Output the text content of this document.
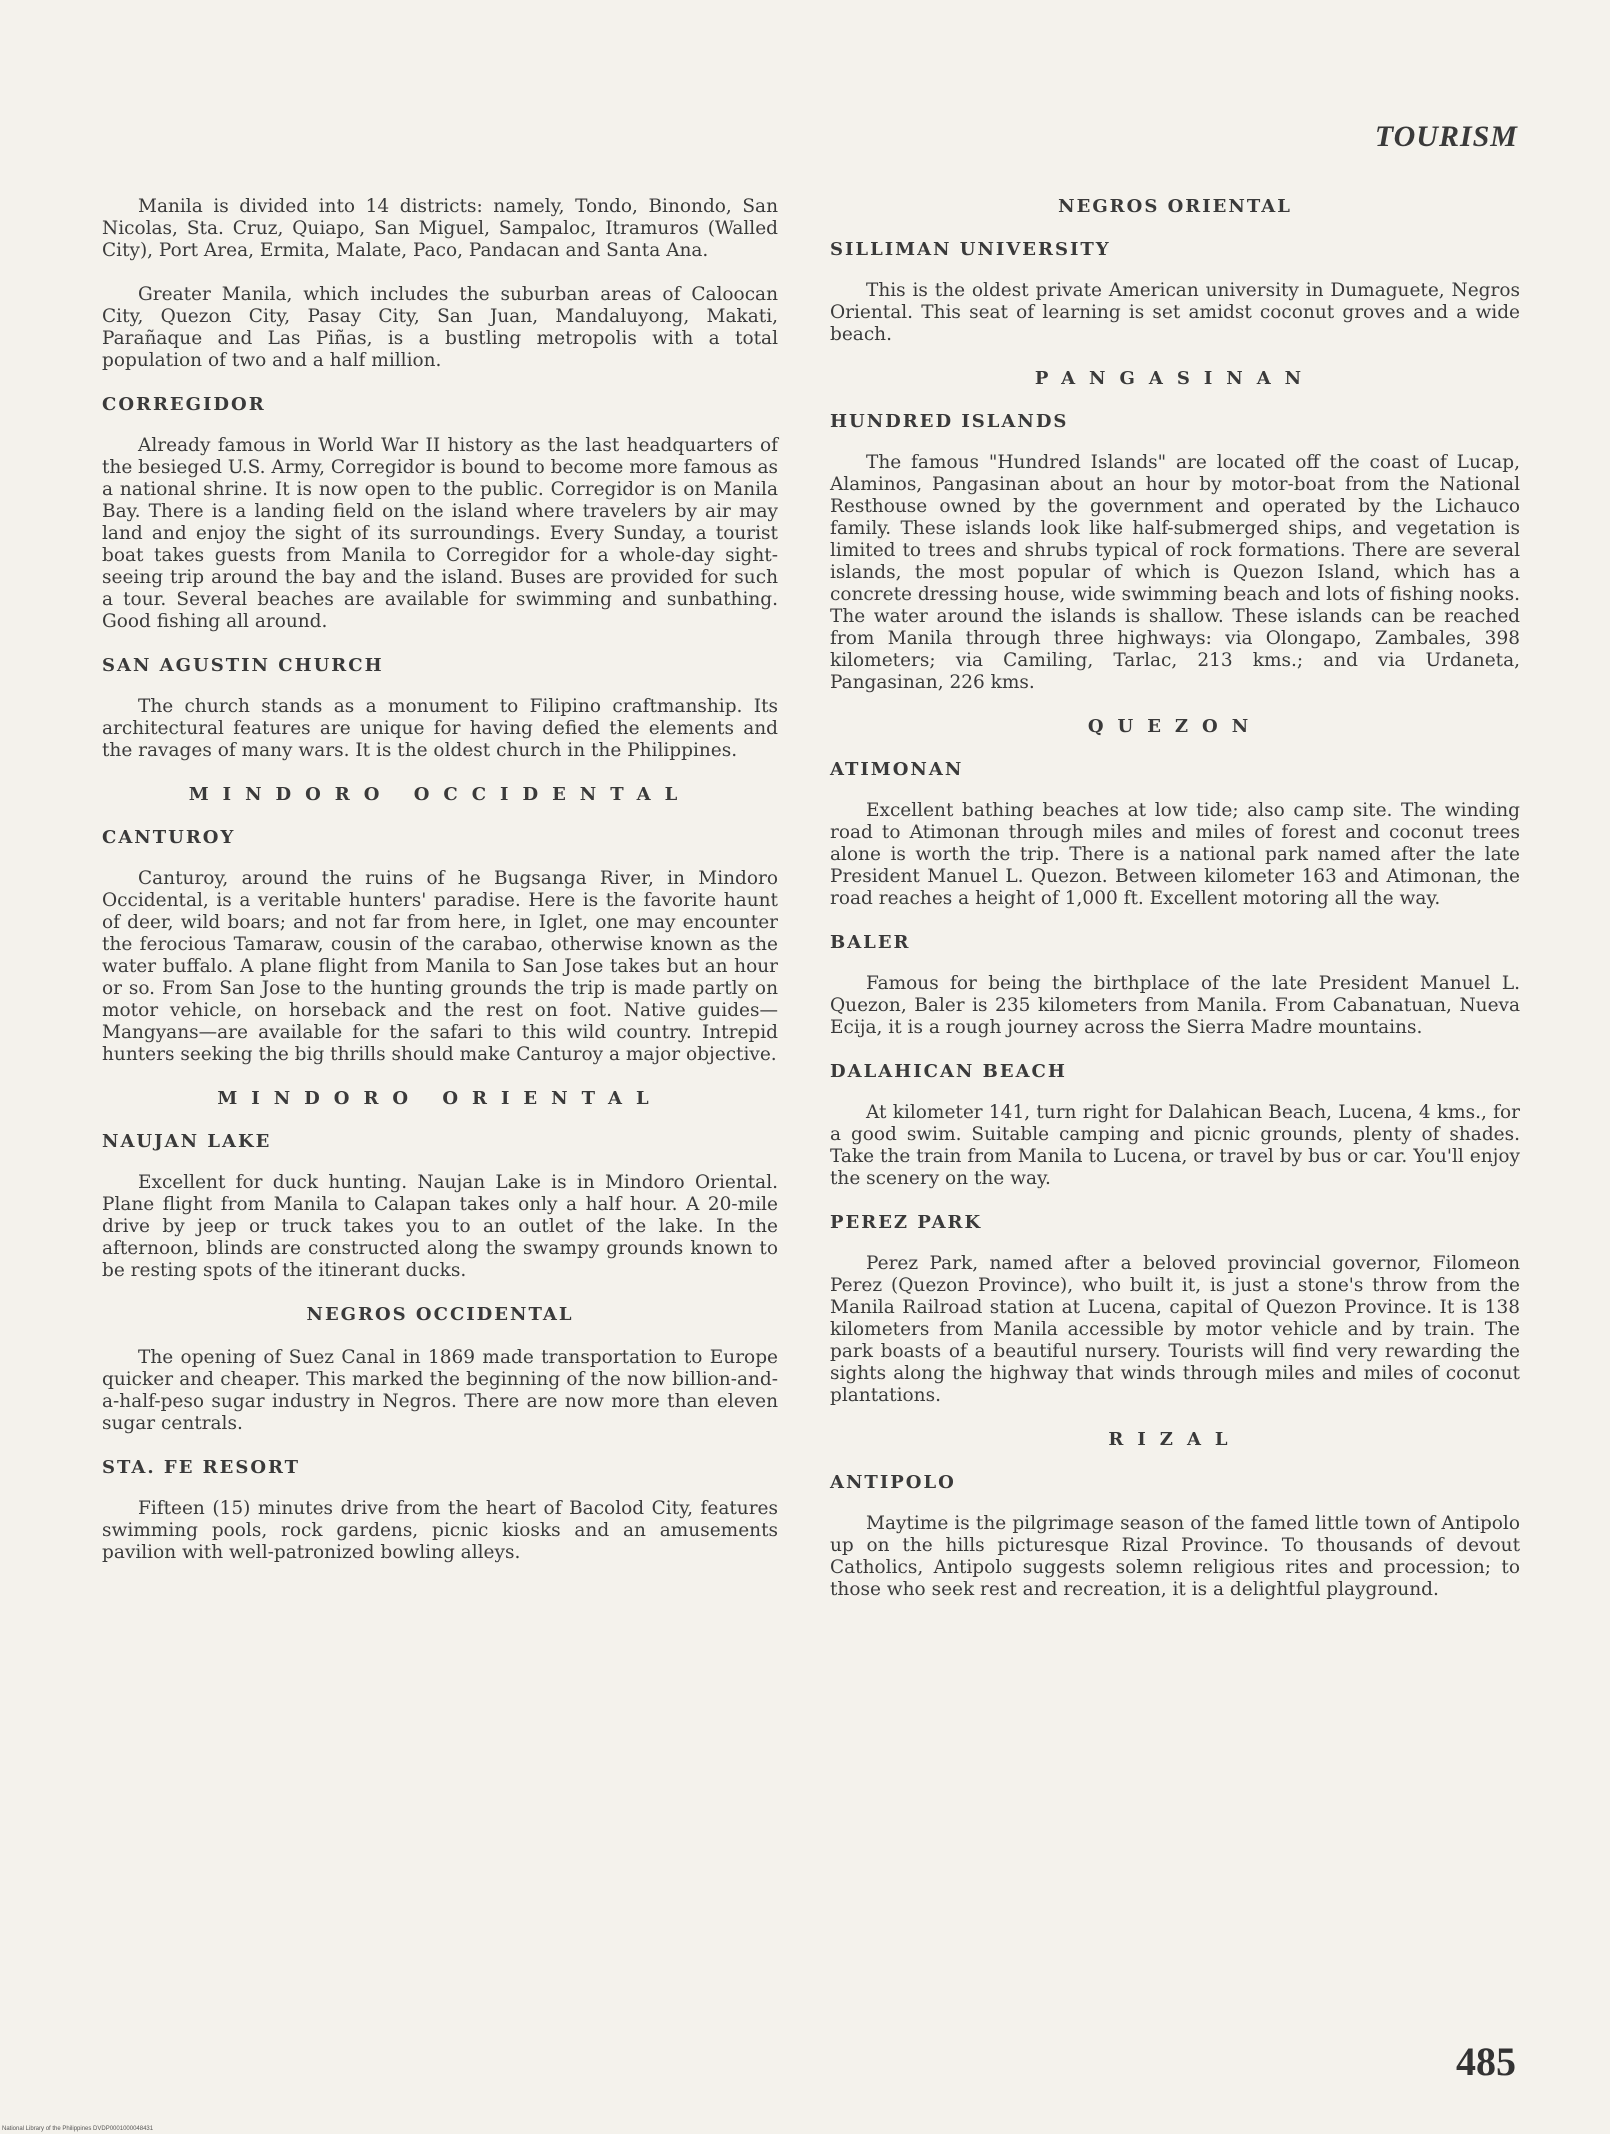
TOURISM

Manila is divided into 14 districts: namely, Tondo, Binondo, San Nicolas, Sta. Cruz, Quiapo, San Miguel, Sampaloc, Itramuros (Walled City), Port Area, Ermita, Malate, Paco, Pandacan and Santa Ana.

Greater Manila, which includes the suburban areas of Caloocan City, Quezon City, Pasay City, San Juan, Mandaluyong, Makati, Parañaque and Las Piñas, is a bustling metropolis with a total population of two and a half million.

CORREGIDOR

Already famous in World War II history as the last headquarters of the besieged U.S. Army, Corregidor is bound to become more famous as a national shrine. It is now open to the public. Corregidor is on Manila Bay. There is a landing field on the island where travelers by air may land and enjoy the sight of its surroundings. Every Sunday, a tourist boat takes guests from Manila to Corregidor for a whole-day sight-seeing trip around the bay and the island. Buses are provided for such a tour. Several beaches are available for swimming and sunbathing. Good fishing all around.

SAN AGUSTIN CHURCH

The church stands as a monument to Filipino craftmanship. Its architectural features are unique for having defied the elements and the ravages of many wars. It is the oldest church in the Philippines.

MINDORO OCCIDENTAL
CANTUROY

Canturoy, around the ruins of he Bugsanga River, in Mindoro Occidental, is a veritable hunters' paradise. Here is the favorite haunt of deer, wild boars; and not far from here, in Iglet, one may encounter the ferocious Tamaraw, cousin of the carabao, otherwise known as the water buffalo. A plane flight from Manila to San Jose takes but an hour or so. From San Jose to the hunting grounds the trip is made partly on motor vehicle, on horseback and the rest on foot. Native guides—Mangyans—are available for the safari to this wild country. Intrepid hunters seeking the big thrills should make Canturoy a major objective.

MINDORO ORIENTAL
NAUJAN LAKE

Excellent for duck hunting. Naujan Lake is in Mindoro Oriental. Plane flight from Manila to Calapan takes only a half hour. A 20-mile drive by jeep or truck takes you to an outlet of the lake. In the afternoon, blinds are constructed along the swampy grounds known to be resting spots of the itinerant ducks.

NEGROS OCCIDENTAL

The opening of Suez Canal in 1869 made transportation to Europe quicker and cheaper. This marked the beginning of the now billion-and-a-half-peso sugar industry in Negros. There are now more than eleven sugar centrals.

STA. FE RESORT

Fifteen (15) minutes drive from the heart of Bacolod City, features swimming pools, rock gardens, picnic kiosks and an amusements pavilion with well-patronized bowling alleys.

NEGROS ORIENTAL
SILLIMAN UNIVERSITY

This is the oldest private American university in Dumaguete, Negros Oriental. This seat of learning is set amidst coconut groves and a wide beach.

PANGASINAN
HUNDRED ISLANDS

The famous "Hundred Islands" are located off the coast of Lucap, Alaminos, Pangasinan about an hour by motor-boat from the National Resthouse owned by the government and operated by the Lichauco family. These islands look like half-submerged ships, and vegetation is limited to trees and shrubs typical of rock formations. There are several islands, the most popular of which is Quezon Island, which has a concrete dressing house, wide swimming beach and lots of fishing nooks. The water around the islands is shallow. These islands can be reached from Manila through three highways: via Olongapo, Zambales, 398 kilometers; via Camiling, Tarlac, 213 kms.; and via Urdaneta, Pangasinan, 226 kms.

QUEZON
ATIMONAN

Excellent bathing beaches at low tide; also camp site. The winding road to Atimonan through miles and miles of forest and coconut trees alone is worth the trip. There is a national park named after the late President Manuel L. Quezon. Between kilometer 163 and Atimonan, the road reaches a height of 1,000 ft. Excellent motoring all the way.

BALER

Famous for being the birthplace of the late President Manuel L. Quezon, Baler is 235 kilometers from Manila. From Cabanatuan, Nueva Ecija, it is a rough journey across the Sierra Madre mountains.

DALAHICAN BEACH

At kilometer 141, turn right for Dalahican Beach, Lucena, 4 kms., for a good swim. Suitable camping and picnic grounds, plenty of shades. Take the train from Manila to Lucena, or travel by bus or car. You'll enjoy the scenery on the way.

PEREZ PARK

Perez Park, named after a beloved provincial governor, Filomeon Perez (Quezon Province), who built it, is just a stone's throw from the Manila Railroad station at Lucena, capital of Quezon Province. It is 138 kilometers from Manila accessible by motor vehicle and by train. The park boasts of a beautiful nursery. Tourists will find very rewarding the sights along the highway that winds through miles and miles of coconut plantations.

RIZAL
ANTIPOLO

Maytime is the pilgrimage season of the famed little town of Antipolo up on the hills picturesque Rizal Province. To thousands of devout Catholics, Antipolo suggests solemn religious rites and procession; to those who seek rest and recreation, it is a delightful playground.

485
National Library of the Philippines DVDP0001000048431
